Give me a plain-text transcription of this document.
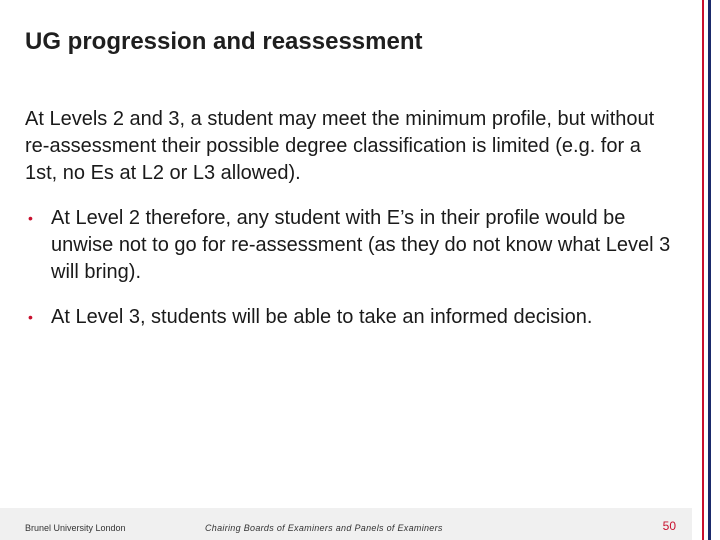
UG progression and reassessment

At Levels 2 and 3, a student may meet the minimum profile, but without re-assessment their possible degree classification is limited (e.g. for a 1st, no Es at L2 or L3 allowed).

• At Level 2 therefore, any student with E’s in their profile would be unwise not to go for re-assessment (as they do not know what Level 3 will bring).
• At Level 3, students will be able to take an informed decision.
Brunel University London	Chairing Boards of Examiners and Panels of Examiners	50
